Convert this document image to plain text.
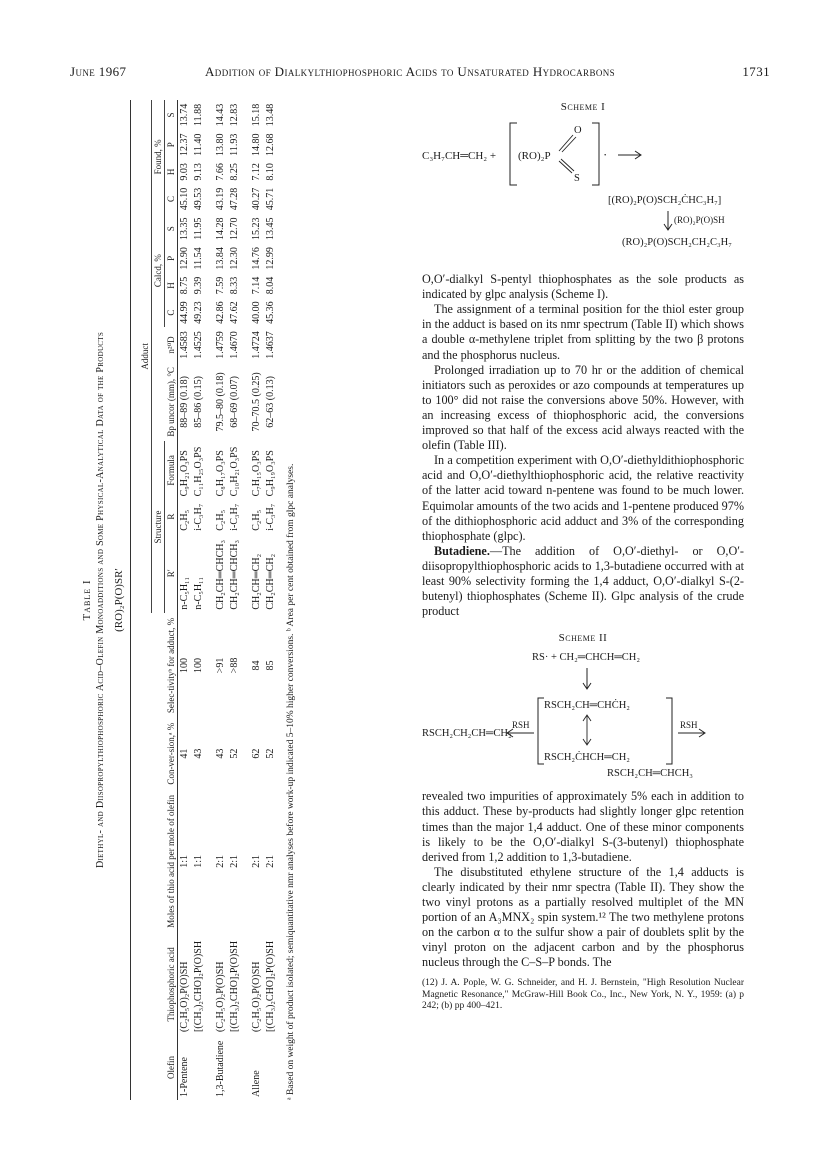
June 1967	Addition of Dialkylthiophosphoric Acids to Unsaturated Hydrocarbons	1731
Table I Diethyl- and Diisopropylthiophosphoric Acid–Olefin Monoadditions and Some Physical-Analytical Data of the Products (RO)₂P(O)SR′
					Adduct												
					Structure					Calcd, %				Found, %			
Olefin	Thiophosphoric acid	Moles of thio acid per mole of olefin	Con-ver-sion,ᵃ %	Selec-tivityᵇ for adduct, %	R′	R	Formula	Bp uncor (mm), °C	n²⁰D	C	H	P	S	C	H	P	S
1-Pentene	(C₂H₅O)₂P(O)SH	1:1	41	100	n-C₅H₁₁	C₂H₅	C₉H₂₁O₃PS	88–89 (0.18)	1.4583	44.99	8.75	12.90	13.35	45.10	9.03	12.37	13.74
	[(CH₃)₂CHO]₂P(O)SH	1:1	43	100	n-C₅H₁₁	i-C₃H₇	C₁₁H₂₅O₃PS	85–86 (0.15)	1.4525	49.23	9.39	11.54	11.95	49.53	9.13	11.40	11.88
1,3-Butadiene	(C₂H₅O)₂P(O)SH	2:1	43	>91	CH₂CH═CHCH₃	C₂H₅	C₈H₁₇O₃PS	79.5–80 (0.18)	1.4759	42.86	7.59	13.84	14.28	43.19	7.66	13.80	14.43
	[(CH₃)₂CHO]₂P(O)SH	2:1	52	>88	CH₂CH═CHCH₃	i-C₃H₇	C₁₀H₂₁O₃PS	68–69 (0.07)	1.4670	47.62	8.33	12.30	12.70	47.28	8.25	11.93	12.83
Allene	(C₂H₅O)₂P(O)SH	2:1	62	84	CH₂CH═CH₂	C₂H₅	C₇H₁₅O₃PS	70–70.5 (0.25)	1.4724	40.00	7.14	14.76	15.23	40.27	7.12	14.80	15.18
	[(CH₃)₂CHO]₂P(O)SH	2:1	52	85	CH₂CH═CH₂	i-C₃H₇	C₉H₁₉O₃PS	62–63 (0.13)	1.4637	45.36	8.04	12.99	13.45	45.71	8.10	12.68	13.48
ᵃ Based on weight of product isolated; semiquantitative nmr analyses before work-up indicated 5–10% higher conversions. ᵇ Area per cent obtained from glpc analyses.
Scheme I
C₃H₇CH═CH₂ + (RO)₂P
O
S
·
[(RO)₂P(O)SCH₂ĊHC₃H₇]
(RO)₂P(O)SH
(RO)₂P(O)SCH₂CH₂C₃H₇

O,O′-dialkyl S-pentyl thiophosphates as the sole products as indicated by glpc analysis (Scheme I).

The assignment of a terminal position for the thiol ester group in the adduct is based on its nmr spectrum (Table II) which shows a double α-methylene triplet from splitting by the two β protons and the phosphorus nucleus.

Prolonged irradiation up to 70 hr or the addition of chemical initiators such as peroxides or azo compounds at temperatures up to 100° did not raise the conversions above 50%. However, with an increasing excess of thiophosphoric acid, the conversions improved so that half of the excess acid always reacted with the olefin (Table III).

In a competition experiment with O,O′-diethyldithiophosphoric acid and O,O′-diethylthiophosphoric acid, the relative reactivity of the latter acid toward n-pentene was found to be much lower. Equimolar amounts of the two acids and 1-pentene produced 97% of the dithiophosphoric acid adduct and 3% of the corresponding thiophosphate (glpc).

Butadiene.—The addition of O,O′-diethyl- or O,O′-diisopropylthiophosphoric acids to 1,3-butadiene occurred with at least 90% selectivity forming the 1,4 adduct, O,O′-dialkyl S-(2-butenyl) thiophosphates (Scheme II). Glpc analysis of the crude product

Scheme II
RS· + CH₂═CHCH═CH₂
RSCH₂CH═CHĊH₂
RSCH₂ĊHCH═CH₂
RSH	RSH
RSCH₂CH₂CH═CH₂
RSCH₂CH═CHCH₃

revealed two impurities of approximately 5% each in addition to this adduct. These by-products had slightly longer glpc retention times than the major 1,4 adduct. One of these minor components is likely to be the O,O′-dialkyl S-(3-butenyl) thiophosphate derived from 1,2 addition to 1,3-butadiene.

The disubstituted ethylene structure of the 1,4 adducts is clearly indicated by their nmr spectra (Table II). They show the two vinyl protons as a partially resolved multiplet of the MN portion of an A₃MNX₂ spin system.¹² The two methylene protons on the carbon α to the sulfur show a pair of doublets split by the vinyl proton on the adjacent carbon and by the phosphorus nucleus through the C–S–P bonds. The

(12) J. A. Pople, W. G. Schneider, and H. J. Bernstein, "High Resolution Nuclear Magnetic Resonance," McGraw-Hill Book Co., Inc., New York, N. Y., 1959: (a) p 242; (b) pp 400–421.
